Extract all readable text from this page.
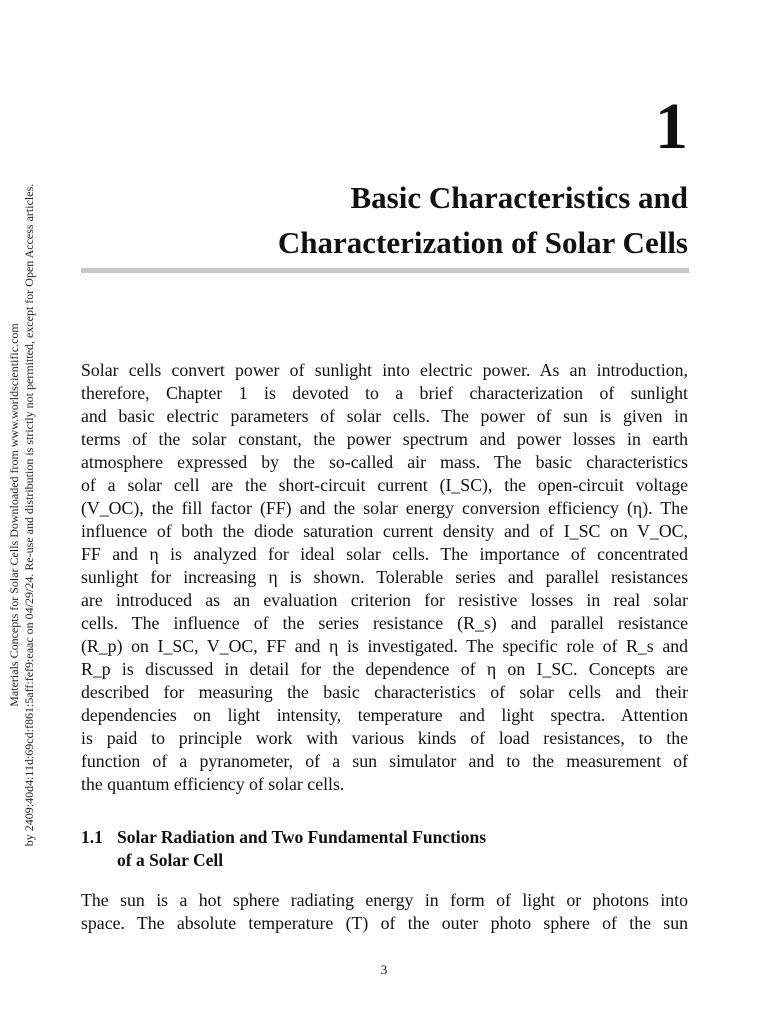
Materials Concepts for Solar Cells Downloaded from www.worldscientific.com by 2409:40d4:11d:69cd:f861:5aff:fef9:eaac on 04/29/24. Re-use and distribution is strictly not permitted, except for Open Access articles.
1
Basic Characteristics and
Characterization of Solar Cells

Solar cells convert power of sunlight into electric power. As an introduction,
therefore, Chapter 1 is devoted to a brief characterization of sunlight
and basic electric parameters of solar cells. The power of sun is given in
terms of the solar constant, the power spectrum and power losses in earth
atmosphere expressed by the so-called air mass. The basic characteristics
of a solar cell are the short-circuit current (I_SC), the open-circuit voltage
(V_OC), the fill factor (FF) and the solar energy conversion efficiency (η). The
influence of both the diode saturation current density and of I_SC on V_OC,
FF and η is analyzed for ideal solar cells. The importance of concentrated
sunlight for increasing η is shown. Tolerable series and parallel resistances
are introduced as an evaluation criterion for resistive losses in real solar
cells. The influence of the series resistance (R_s) and parallel resistance
(R_p) on I_SC, V_OC, FF and η is investigated. The specific role of R_s and
R_p is discussed in detail for the dependence of η on I_SC. Concepts are
described for measuring the basic characteristics of solar cells and their
dependencies on light intensity, temperature and light spectra. Attention
is paid to principle work with various kinds of load resistances, to the
function of a pyranometer, of a sun simulator and to the measurement of
the quantum efficiency of solar cells.

1.1 Solar Radiation and Two Fundamental Functions
of a Solar Cell

The sun is a hot sphere radiating energy in form of light or photons into
space. The absolute temperature (T) of the outer photo sphere of the sun

3
